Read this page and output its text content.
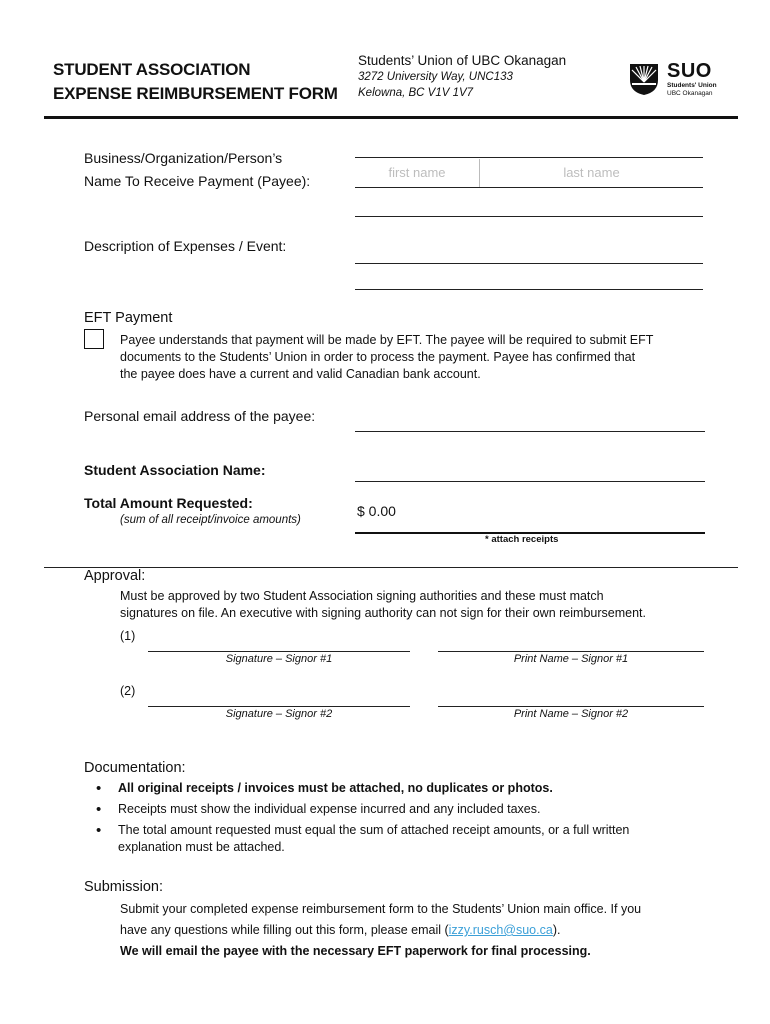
STUDENT ASSOCIATION
EXPENSE REIMBURSEMENT FORM
Students’ Union of UBC Okanagan
3272 University Way, UNC133
Kelowna, BC V1V 1V7
SUO
Students' Union
UBC Okanagan
Business/Organization/Person’s
Name To Receive Payment (Payee):
first name	last name
Description of Expenses / Event:
EFT Payment
Payee understands that payment will be made by EFT. The payee will be required to submit EFT
documents to the Students’ Union in order to process the payment. Payee has confirmed that
the payee does have a current and valid Canadian bank account.
Personal email address of the payee:
Student Association Name:
Total Amount Requested:
(sum of all receipt/invoice amounts)
$ 0.00
* attach receipts
Approval:
Must be approved by two Student Association signing authorities and these must match
signatures on file. An executive with signing authority can not sign for their own reimbursement.
(1)
Signature – Signor #1	Print Name – Signor #1
(2)
Signature – Signor #2	Print Name – Signor #2
Documentation:
• All original receipts / invoices must be attached, no duplicates or photos.
• Receipts must show the individual expense incurred and any included taxes.
• The total amount requested must equal the sum of attached receipt amounts, or a full written
explanation must be attached.
Submission:
Submit your completed expense reimbursement form to the Students’ Union main office. If you
have any questions while filling out this form, please email (izzy.rusch@suo.ca).
We will email the payee with the necessary EFT paperwork for final processing.
